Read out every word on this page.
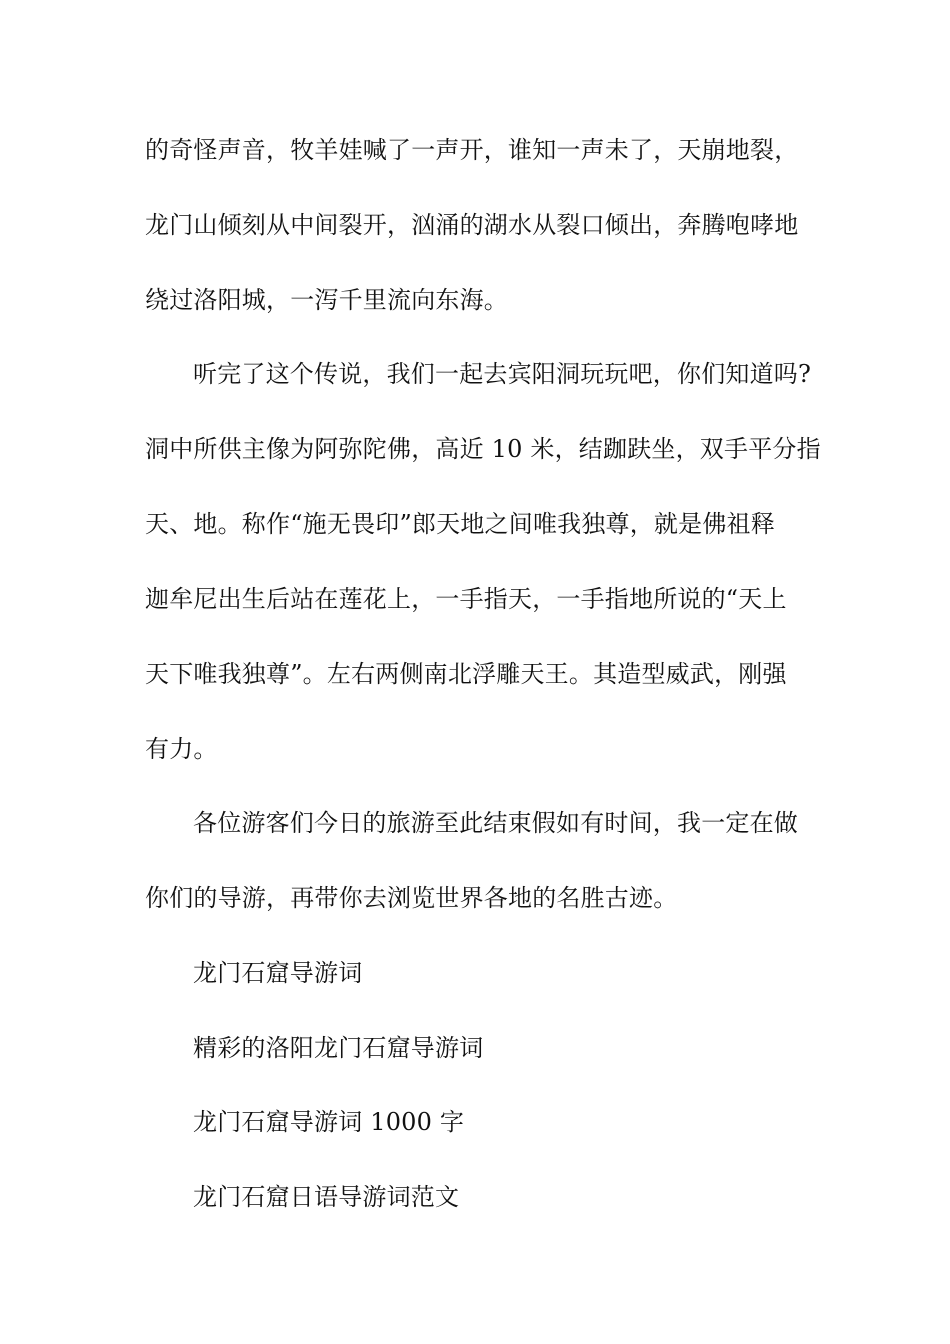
的奇怪声音，牧羊娃喊了一声开，谁知一声未了，天崩地裂，
龙门山倾刻从中间裂开，汹涌的湖水从裂口倾出，奔腾咆哮地
绕过洛阳城，一泻千里流向东海。
听完了这个传说，我们一起去宾阳洞玩玩吧，你们知道吗?
洞中所供主像为阿弥陀佛，高近 10 米，结跏趺坐，双手平分指
天、地。称作“施无畏印”郎天地之间唯我独尊，就是佛祖释
迦牟尼出生后站在莲花上，一手指天，一手指地所说的“天上
天下唯我独尊”。左右两侧南北浮雕天王。其造型威武，刚强
有力。
各位游客们今日的旅游至此结束假如有时间，我一定在做
你们的导游，再带你去浏览世界各地的名胜古迹。
龙门石窟导游词
精彩的洛阳龙门石窟导游词
龙门石窟导游词 1000 字
龙门石窟日语导游词范文
